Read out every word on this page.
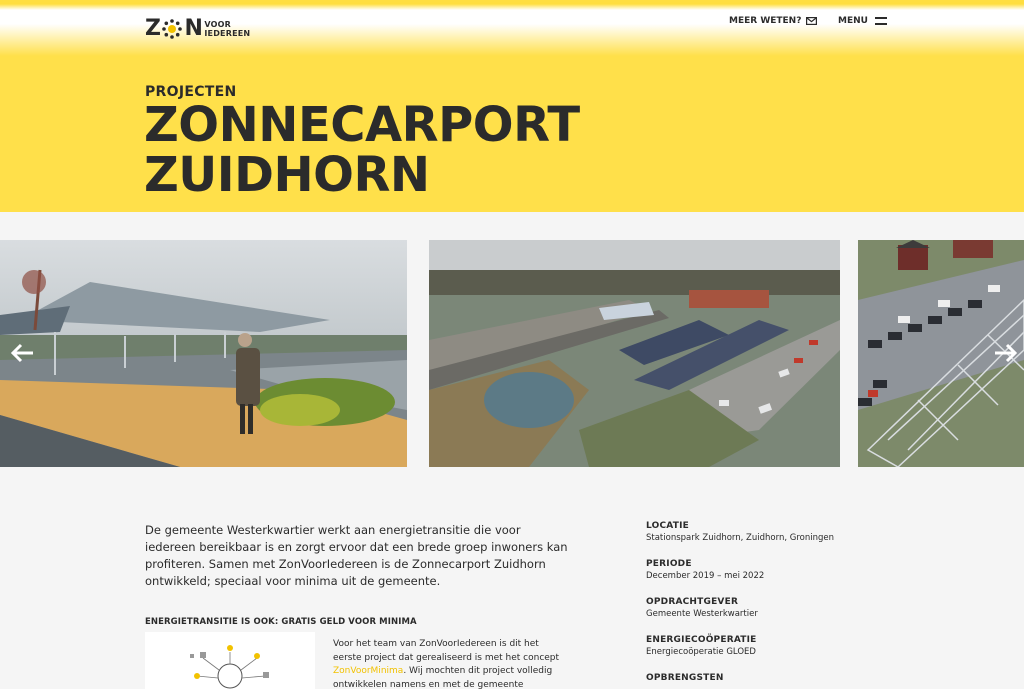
Z N VOOR
IEDEREEN
MEER WETEN?	MENU
PROJECTEN
ZONNECARPORT
ZUIDHORN

De gemeente Westerkwartier werkt aan energietransitie die voor iedereen bereikbaar is en zorgt ervoor dat een brede groep inwoners kan profiteren. Samen met ZonVoorIedereen is de Zonnecarport Zuidhorn ontwikkeld; speciaal voor minima uit de gemeente.

ENERGIETRANSITIE IS OOK: GRATIS GELD VOOR MINIMA

Voor het team van ZonVoorIedereen is dit het eerste project dat gerealiseerd is met het concept ZonVoorMinima. Wij mochten dit project volledig ontwikkelen namens en met de gemeente

LOCATIE
Stationspark Zuidhorn, Zuidhorn, Groningen
PERIODE
December 2019 – mei 2022
OPDRACHTGEVER
Gemeente Westerkwartier
ENERGIECOÖPERATIE
Energiecoöperatie GLOED
OPBRENGSTEN
